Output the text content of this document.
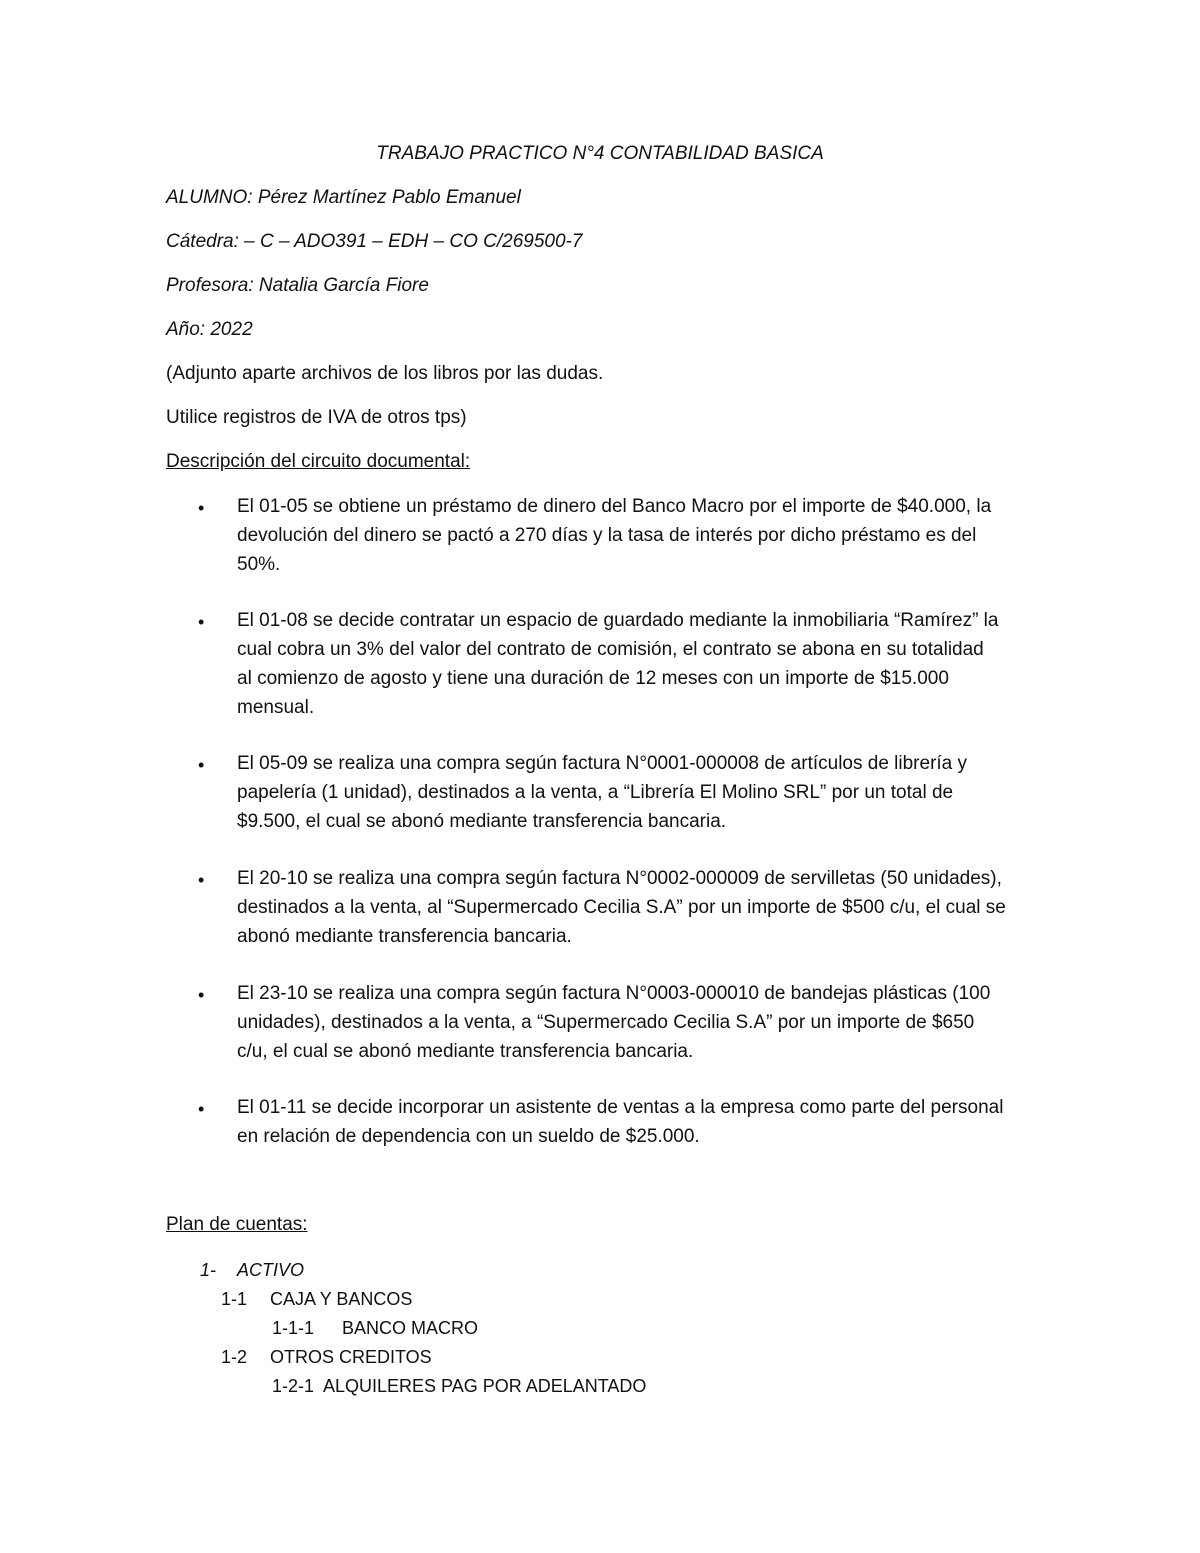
TRABAJO PRACTICO N°4 CONTABILIDAD BASICA
ALUMNO: Pérez Martínez Pablo Emanuel
Cátedra: – C – ADO391 – EDH – CO C/269500-7
Profesora: Natalia García Fiore
Año: 2022
(Adjunto aparte archivos de los libros por las dudas.
Utilice registros de IVA de otros tps)
Descripción del circuito documental:
•	El 01-05 se obtiene un préstamo de dinero del Banco Macro por el importe de $40.000, la
devolución del dinero se pactó a 270 días y la tasa de interés por dicho préstamo es del
50%.
•	El 01-08 se decide contratar un espacio de guardado mediante la inmobiliaria “Ramírez” la
cual cobra un 3% del valor del contrato de comisión, el contrato se abona en su totalidad
al comienzo de agosto y tiene una duración de 12 meses con un importe de $15.000
mensual.
•	El 05-09 se realiza una compra según factura N°0001-000008 de artículos de librería y
papelería (1 unidad), destinados a la venta, a “Librería El Molino SRL” por un total de
$9.500, el cual se abonó mediante transferencia bancaria.
•	El 20-10 se realiza una compra según factura N°0002-000009 de servilletas (50 unidades),
destinados a la venta, al “Supermercado Cecilia S.A” por un importe de $500 c/u, el cual se
abonó mediante transferencia bancaria.
•	El 23-10 se realiza una compra según factura N°0003-000010 de bandejas plásticas (100
unidades), destinados a la venta, a “Supermercado Cecilia S.A” por un importe de $650
c/u, el cual se abonó mediante transferencia bancaria.
•	El 01-11 se decide incorporar un asistente de ventas a la empresa como parte del personal
en relación de dependencia con un sueldo de $25.000.
Plan de cuentas:
1- ACTIVO
1-1 CAJA Y BANCOS
1-1-1 BANCO MACRO
1-2 OTROS CREDITOS
1-2-1 ALQUILERES PAG POR ADELANTADO
